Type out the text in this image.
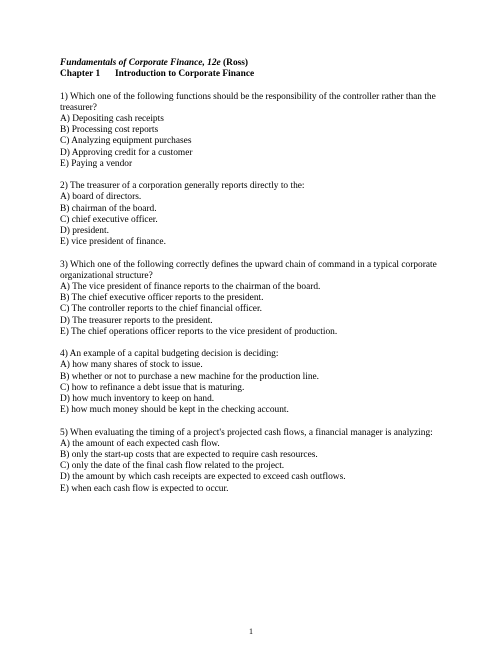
Fundamentals of Corporate Finance, 12e (Ross)
Chapter 1 Introduction to Corporate Finance

1) Which one of the following functions should be the responsibility of the controller rather than the treasurer?

A) Depositing cash receipts

B) Processing cost reports

C) Analyzing equipment purchases

D) Approving credit for a customer

E) Paying a vendor

2) The treasurer of a corporation generally reports directly to the:

A) board of directors.

B) chairman of the board.

C) chief executive officer.

D) president.

E) vice president of finance.

3) Which one of the following correctly defines the upward chain of command in a typical corporate organizational structure?

A) The vice president of finance reports to the chairman of the board.

B) The chief executive officer reports to the president.

C) The controller reports to the chief financial officer.

D) The treasurer reports to the president.

E) The chief operations officer reports to the vice president of production.

4) An example of a capital budgeting decision is deciding:

A) how many shares of stock to issue.

B) whether or not to purchase a new machine for the production line.

C) how to refinance a debt issue that is maturing.

D) how much inventory to keep on hand.

E) how much money should be kept in the checking account.

5) When evaluating the timing of a project's projected cash flows, a financial manager is analyzing:

A) the amount of each expected cash flow.

B) only the start-up costs that are expected to require cash resources.

C) only the date of the final cash flow related to the project.

D) the amount by which cash receipts are expected to exceed cash outflows.

E) when each cash flow is expected to occur.

1
